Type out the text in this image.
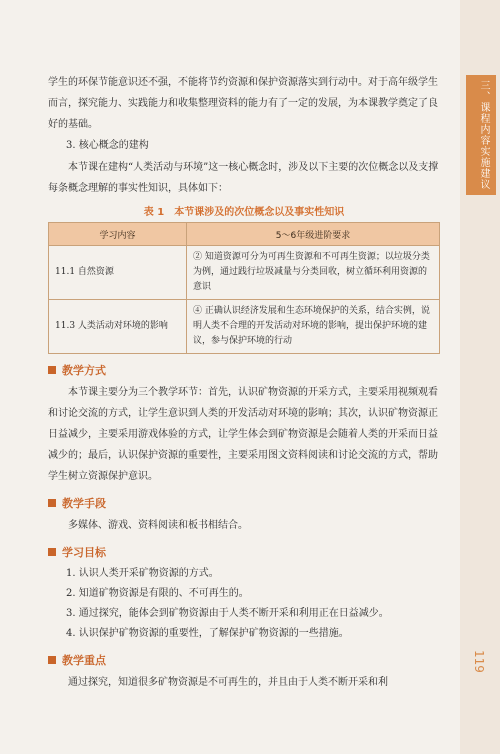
三、课程内容实施建议
119

学生的环保节能意识还不强，不能将节约资源和保护资源落实到行动中。对于高年级学生而言，探究能力、实践能力和收集整理资料的能力有了一定的发展，为本课教学奠定了良好的基础。

3. 核心概念的建构

本节课在建构“人类活动与环境”这一核心概念时，涉及以下主要的次位概念以及支撑每条概念理解的事实性知识，具体如下：

表 1　本节课涉及的次位概念以及事实性知识
学习内容	5～6年级进阶要求
11.1 自然资源	② 知道资源可分为可再生资源和不可再生资源；以垃圾分类为例，通过践行垃圾减量与分类回收，树立循环利用资源的意识
11.3 人类活动对环境的影响	④ 正确认识经济发展和生态环境保护的关系，结合实例，说明人类不合理的开发活动对环境的影响，提出保护环境的建议，参与保护环境的行动
教学方式

本节课主要分为三个教学环节：首先，认识矿物资源的开采方式，主要采用视频观看和讨论交流的方式，让学生意识到人类的开发活动对环境的影响；其次，认识矿物资源正日益减少，主要采用游戏体验的方式，让学生体会到矿物资源是会随着人类的开采而日益减少的；最后，认识保护资源的重要性，主要采用图文资料阅读和讨论交流的方式，帮助学生树立资源保护意识。

教学手段

多媒体、游戏、资料阅读和板书相结合。

学习目标
1. 认识人类开采矿物资源的方式。
2. 知道矿物资源是有限的、不可再生的。
3. 通过探究，能体会到矿物资源由于人类不断开采和利用正在日益减少。
4. 认识保护矿物资源的重要性，了解保护矿物资源的一些措施。
教学重点

通过探究，知道很多矿物资源是不可再生的，并且由于人类不断开采和利
